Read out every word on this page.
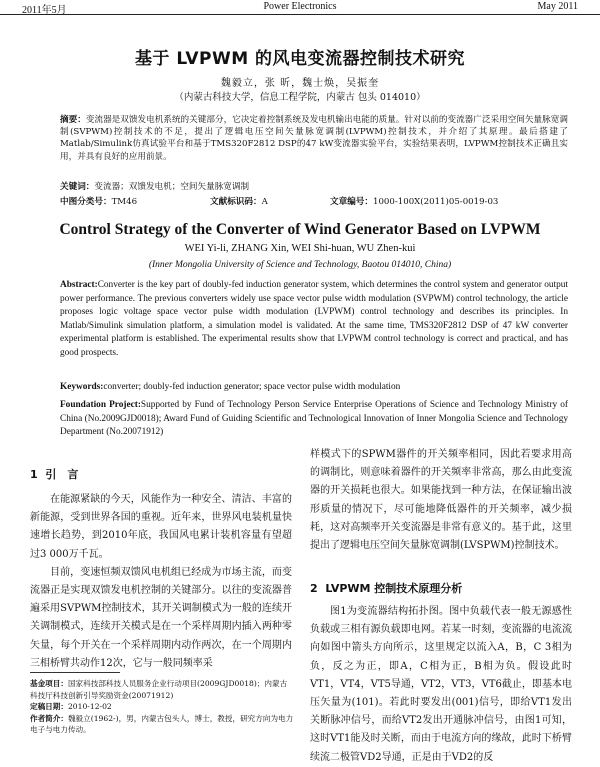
2011年5月	Power Electronics	May 2011
基于 LVPWM 的风电变流器控制技术研究
魏毅立，张 昕，魏士焕，吴振奎
（内蒙古科技大学，信息工程学院，内蒙古 包头 014010）
摘要：变流器是双馈发电机系统的关键部分，它决定着控制系统及发电机输出电能的质量。针对以前的变流器广泛采用空间矢量脉宽调制(SVPWM)控制技术的不足，提出了逻辑电压空间矢量脉宽调制(LVPWM)控制技术，并介绍了其原理。最后搭建了Matlab/Simulink仿真试验平台和基于TMS320F2812 DSP的47 kW变流器实验平台，实验结果表明，LVPWM控制技术正确且实用，并具有良好的应用前景。
关键词：变流器；双馈发电机；空间矢量脉宽调制
中图分类号：TM46	文献标识码：A	文章编号：1000-100X(2011)05-0019-03
Control Strategy of the Converter of Wind Generator Based on LVPWM
WEI Yi-li, ZHANG Xin, WEI Shi-huan, WU Zhen-kui
(Inner Mongolia University of Science and Technology, Baotou 014010, China)
Abstract:Converter is the key part of doubly-fed induction generator system, which determines the control system and generator output power performance. The previous converters widely use space vector pulse width modulation (SVPWM) control technology, the article proposes logic voltage space vector pulse width modulation (LVPWM) control technology and describes its principles. In Matlab/Simulink simulation platform, a simulation model is validated. At the same time, TMS320F2812 DSP of 47 kW converter experimental platform is established. The experimental results show that LVPWM control technology is correct and practical, and has good prospects.
Keywords:converter; doubly-fed induction generator; space vector pulse width modulation
Foundation Project:Supported by Fund of Technology Person Service Enterprise Operations of Science and Technology Ministry of China (No.2009GJD0018); Award Fund of Guiding Scientific and Technological Innovation of Inner Mongolia Science and Technology Department (No.20071912)
1 引　言

在能源紧缺的今天，风能作为一种安全、清洁、丰富的新能源，受到世界各国的重视。近年来，世界风电装机量快速增长趋势，到2010年底，我国风电累计装机容量有望超过3 000万千瓦。

目前，变速恒频双馈风电机组已经成为市场主流，而变流器正是实现双馈发电机控制的关键部分。以往的变流器普遍采用SVPWM控制技术，其开关调制模式为一般的连续开关调制模式，连续开关模式是在一个采样周期内插入两种零矢量，每个开关在一个采样周期内动作两次，在一个周期内三相桥臂共动作12次，它与一般同频率采

样模式下的SPWM器件的开关频率相同，因此若要求用高的调制比，则意味着器件的开关频率非常高，那么由此变流器的开关损耗也很大。如果能找到一种方法，在保证输出波形质量的情况下，尽可能地降低器件的开关频率，减少损耗，这对高频率开关变流器是非常有意义的。基于此，这里提出了逻辑电压空间矢量脉宽调制(LVSPWM)控制技术。

2 LVPWM 控制技术原理分析

图1为变流器结构拓扑图。图中负载代表一般无源感性负载或三相有源负载即电网。若某一时刻，变流器的电流流向如图中箭头方向所示，这里规定以流入A，B，C 3相为负，反之为正，即A，C相为正，B相为负。假设此时VT1，VT4，VT5导通，VT2，VT3，VT6截止，即基本电压矢量为(101)。若此时要发出(001)信号，即给VT1发出关断脉冲信号，而给VT2发出开通脉冲信号，由图1可知，这时VT1能及时关断，而由于电流方向的缘故，此时下桥臂续流二极管VD2导通，正是由于VD2的反

基金项目：国家科技部科技人员服务企业行动项目(2009GJD0018)；内蒙古科技厅科技创新引导奖励资金(20071912)
定稿日期：2010-12-02
作者简介：魏毅立(1962-)，男，内蒙古包头人，博士，教授，研究方向为电力电子与电力传动。
